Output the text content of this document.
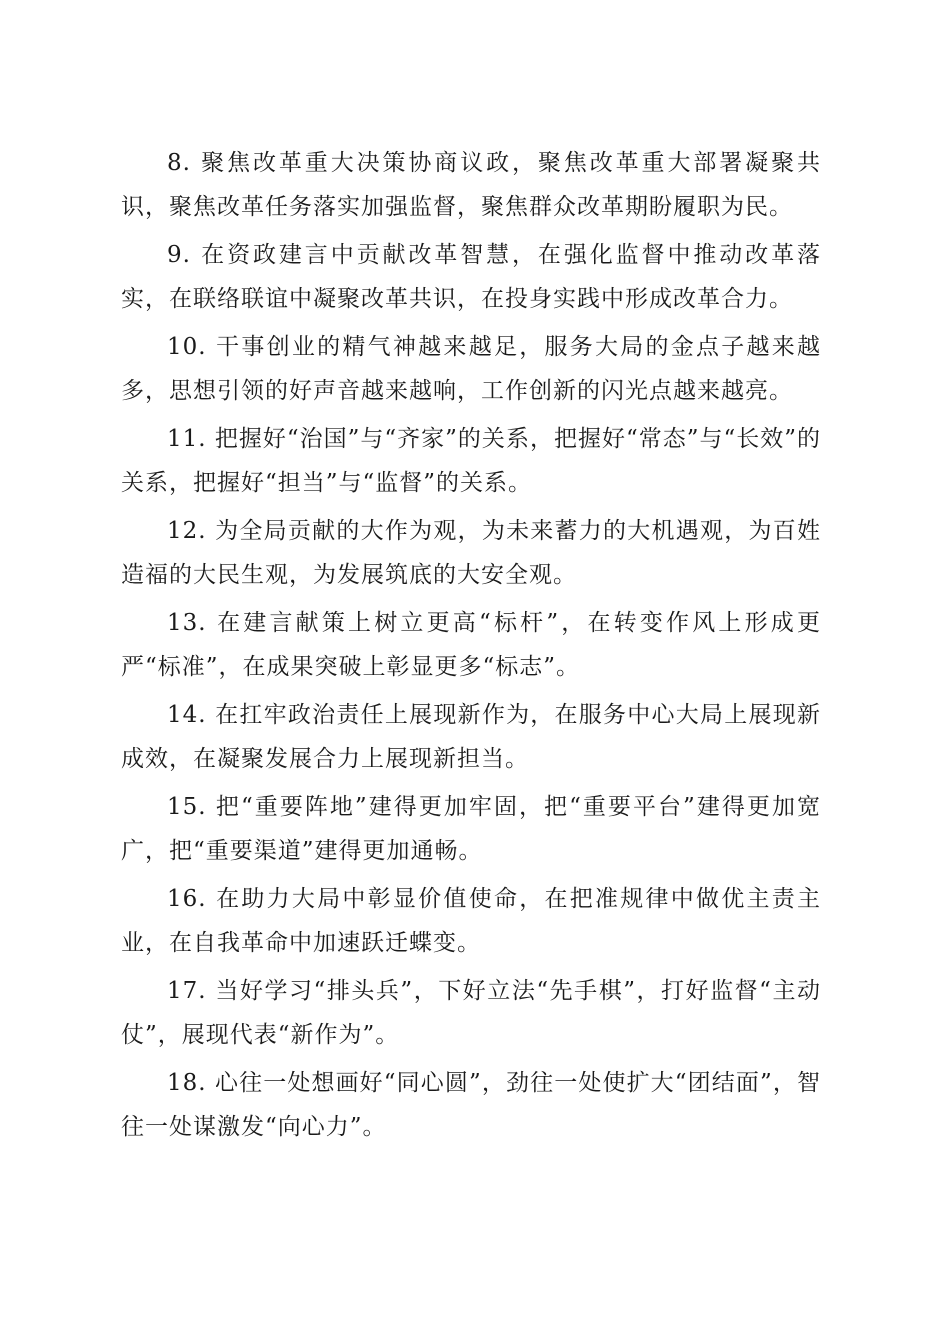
8. 聚焦改革重大决策协商议政，聚焦改革重大部署凝聚共识，聚焦改革任务落实加强监督，聚焦群众改革期盼履职为民。

9. 在资政建言中贡献改革智慧，在强化监督中推动改革落实，在联络联谊中凝聚改革共识，在投身实践中形成改革合力。

10. 干事创业的精气神越来越足，服务大局的金点子越来越多，思想引领的好声音越来越响，工作创新的闪光点越来越亮。

11. 把握好“治国”与“齐家”的关系，把握好“常态”与“长效”的关系，把握好“担当”与“监督”的关系。

12. 为全局贡献的大作为观，为未来蓄力的大机遇观，为百姓造福的大民生观，为发展筑底的大安全观。

13. 在建言献策上树立更高“标杆”，在转变作风上形成更严“标准”，在成果突破上彰显更多“标志”。

14. 在扛牢政治责任上展现新作为，在服务中心大局上展现新成效，在凝聚发展合力上展现新担当。

15. 把“重要阵地”建得更加牢固，把“重要平台”建得更加宽广，把“重要渠道”建得更加通畅。

16. 在助力大局中彰显价值使命，在把准规律中做优主责主业，在自我革命中加速跃迁蝶变。

17. 当好学习“排头兵”，下好立法“先手棋”，打好监督“主动仗”，展现代表“新作为”。

18. 心往一处想画好“同心圆”，劲往一处使扩大“团结面”，智往一处谋激发“向心力”。
